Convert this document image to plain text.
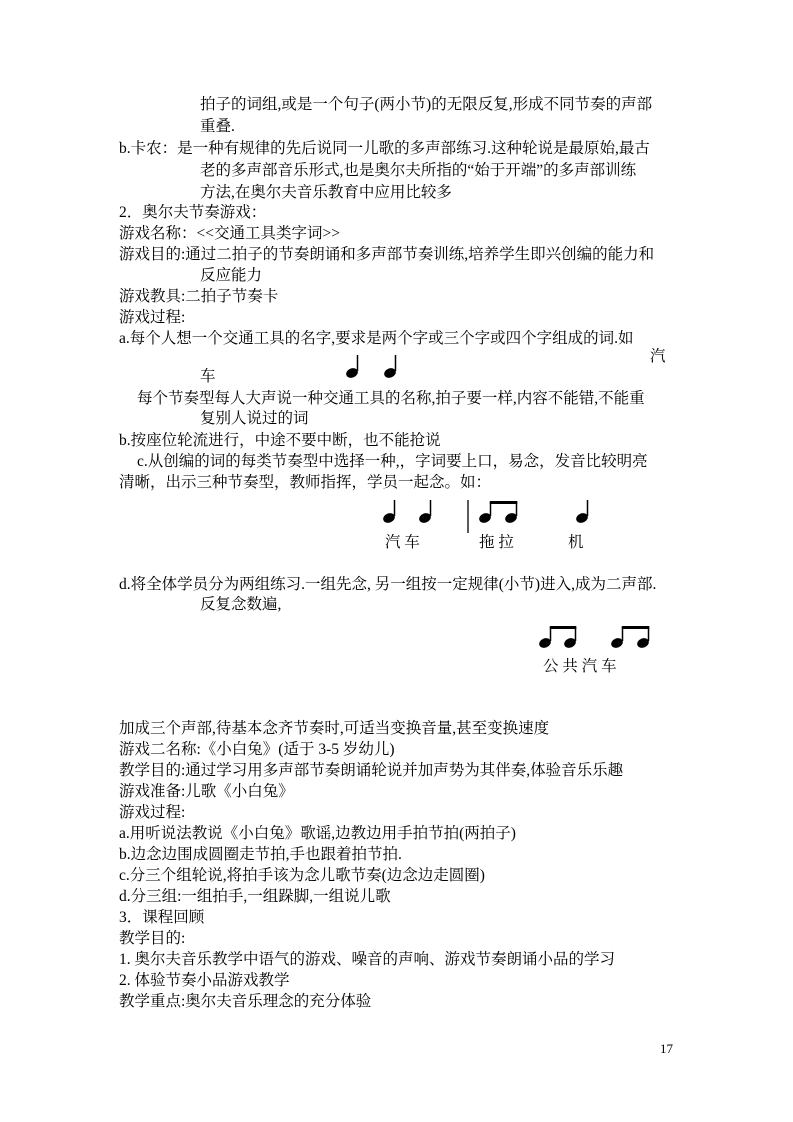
拍子的词组,或是一个句子(两小节)的无限反复,形成不同节奏的声部
重叠.
b.卡农：是一种有规律的先后说同一儿歌的多声部练习.这种轮说是最原始,最古
老的多声部音乐形式,也是奥尔夫所指的“始于开端”的多声部训练
方法,在奥尔夫音乐教育中应用比较多
2．奥尔夫节奏游戏：
游戏名称：<<交通工具类字词>>
游戏目的:通过二拍子的节奏朗诵和多声部节奏训练,培养学生即兴创编的能力和
反应能力
游戏教具:二拍子节奏卡
游戏过程:
a.每个人想一个交通工具的名字,要求是两个字或三个字或四个字组成的词.如
汽
车
每个节奏型每人大声说一种交通工具的名称,拍子要一样,内容不能错,不能重
复别人说过的词
b.按座位轮流进行，中途不要中断，也不能抢说
c.从创编的词的每类节奏型中选择一种,，字词要上口，易念，发音比较明亮
清晰，出示三种节奏型，教师指挥，学员一起念。如：
汽 车	拖 拉	机
d.将全体学员分为两组练习.一组先念, 另一组按一定规律(小节)进入,成为二声部.
反复念数遍,
公 共 汽 车
加成三个声部,待基本念齐节奏时,可适当变换音量,甚至变换速度
游戏二名称:《小白兔》(适于 3-5 岁幼儿)
教学目的:通过学习用多声部节奏朗诵轮说并加声势为其伴奏,体验音乐乐趣
游戏准备:儿歌《小白兔》
游戏过程:
a.用听说法教说《小白兔》歌谣,边教边用手拍节拍(两拍子)
b.边念边围成圆圈走节拍,手也跟着拍节拍.
c.分三个组轮说,将拍手该为念儿歌节奏(边念边走圆圈)
d.分三组:一组拍手,一组跺脚,一组说儿歌
3．课程回顾
教学目的:
1. 奥尔夫音乐教学中语气的游戏、噪音的声响、游戏节奏朗诵小品的学习
2. 体验节奏小品游戏教学
教学重点:奥尔夫音乐理念的充分体验
17
